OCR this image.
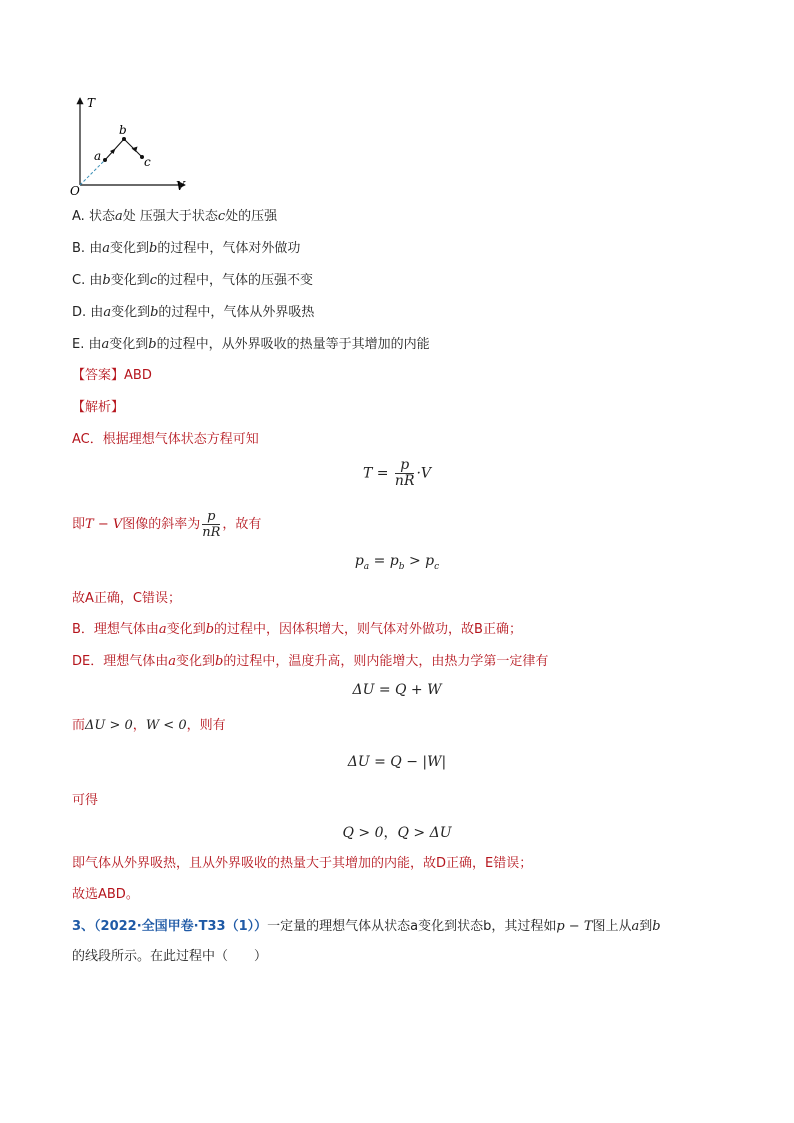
T
V
O
a
b
c
A. 状态a处 压强大于状态c处的压强
B. 由a变化到b的过程中，气体对外做功
C. 由b变化到c的过程中，气体的压强不变
D. 由a变化到b的过程中，气体从外界吸热
E. 由a变化到b的过程中，从外界吸收的热量等于其增加的内能
【答案】ABD
【解析】
AC．根据理想气体状态方程可知
$T = \frac{p}{nR} \cdot V$
即T − V图像的斜率为 $\frac{p}{nR}$ ，故有
$p_a = p_b > p_c$
故A正确，C错误；
B．理想气体由a变化到b的过程中，因体积增大，则气体对外做功，故B正确；
DE．理想气体由a变化到b的过程中，温度升高，则内能增大，由热力学第一定律有
ΔU = Q + W
而ΔU > 0，W < 0，则有
ΔU = Q − |W|
可得
Q > 0，Q > ΔU
即气体从外界吸热，且从外界吸收的热量大于其增加的内能，故D正确，E错误；
故选ABD。
3、（2022·全国甲卷·T33（1））一定量的理想气体从状态a变化到状态b，其过程如p − T图上从a到b
的线段所示。在此过程中（　　）
